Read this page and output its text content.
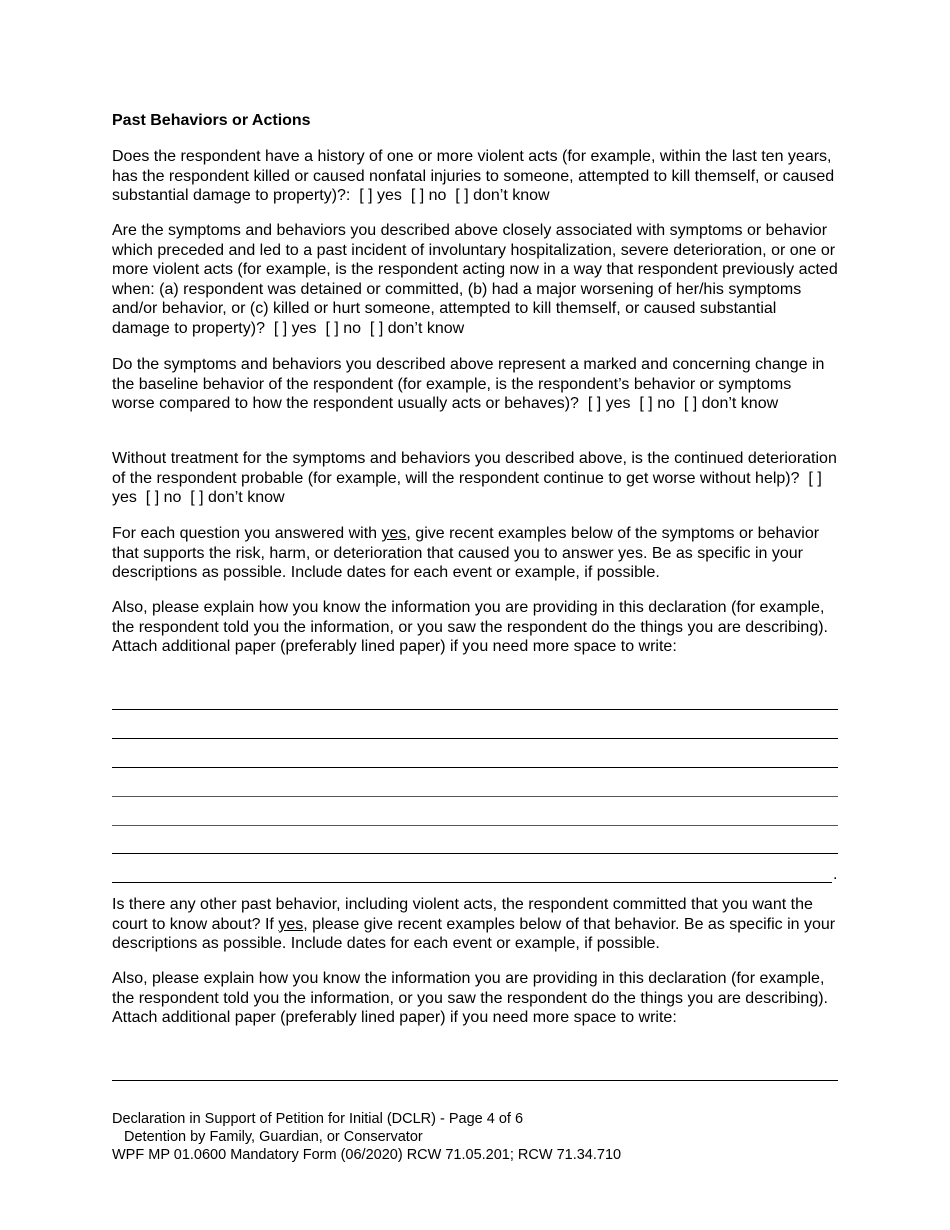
Past Behaviors or Actions

Does the respondent have a history of one or more violent acts (for example, within the last ten years, has the respondent killed or caused nonfatal injuries to someone, attempted to kill themself, or caused substantial damage to property)?: [ ] yes [ ] no [ ] don’t know

Are the symptoms and behaviors you described above closely associated with symptoms or behavior which preceded and led to a past incident of involuntary hospitalization, severe deterioration, or one or more violent acts (for example, is the respondent acting now in a way that respondent previously acted when: (a) respondent was detained or committed, (b) had a major worsening of her/his symptoms and/or behavior, or (c) killed or hurt someone, attempted to kill themself, or caused substantial damage to property)? [ ] yes [ ] no [ ] don’t know

Do the symptoms and behaviors you described above represent a marked and concerning change in the baseline behavior of the respondent (for example, is the respondent’s behavior or symptoms worse compared to how the respondent usually acts or behaves)? [ ] yes [ ] no [ ] don’t know

Without treatment for the symptoms and behaviors you described above, is the continued deterioration of the respondent probable (for example, will the respondent continue to get worse without help)? [ ] yes [ ] no [ ] don’t know

For each question you answered with yes, give recent examples below of the symptoms or behavior that supports the risk, harm, or deterioration that caused you to answer yes. Be as specific in your descriptions as possible. Include dates for each event or example, if possible.

Also, please explain how you know the information you are providing in this declaration (for example, the respondent told you the information, or you saw the respondent do the things you are describing). Attach additional paper (preferably lined paper) if you need more space to write:

.

Is there any other past behavior, including violent acts, the respondent committed that you want the court to know about? If yes, please give recent examples below of that behavior. Be as specific in your descriptions as possible. Include dates for each event or example, if possible.

Also, please explain how you know the information you are providing in this declaration (for example, the respondent told you the information, or you saw the respondent do the things you are describing). Attach additional paper (preferably lined paper) if you need more space to write:

Declaration in Support of Petition for Initial (DCLR) - Page 4 of 6
Detention by Family, Guardian, or Conservator
WPF MP 01.0600 Mandatory Form (06/2020) RCW 71.05.201; RCW 71.34.710
